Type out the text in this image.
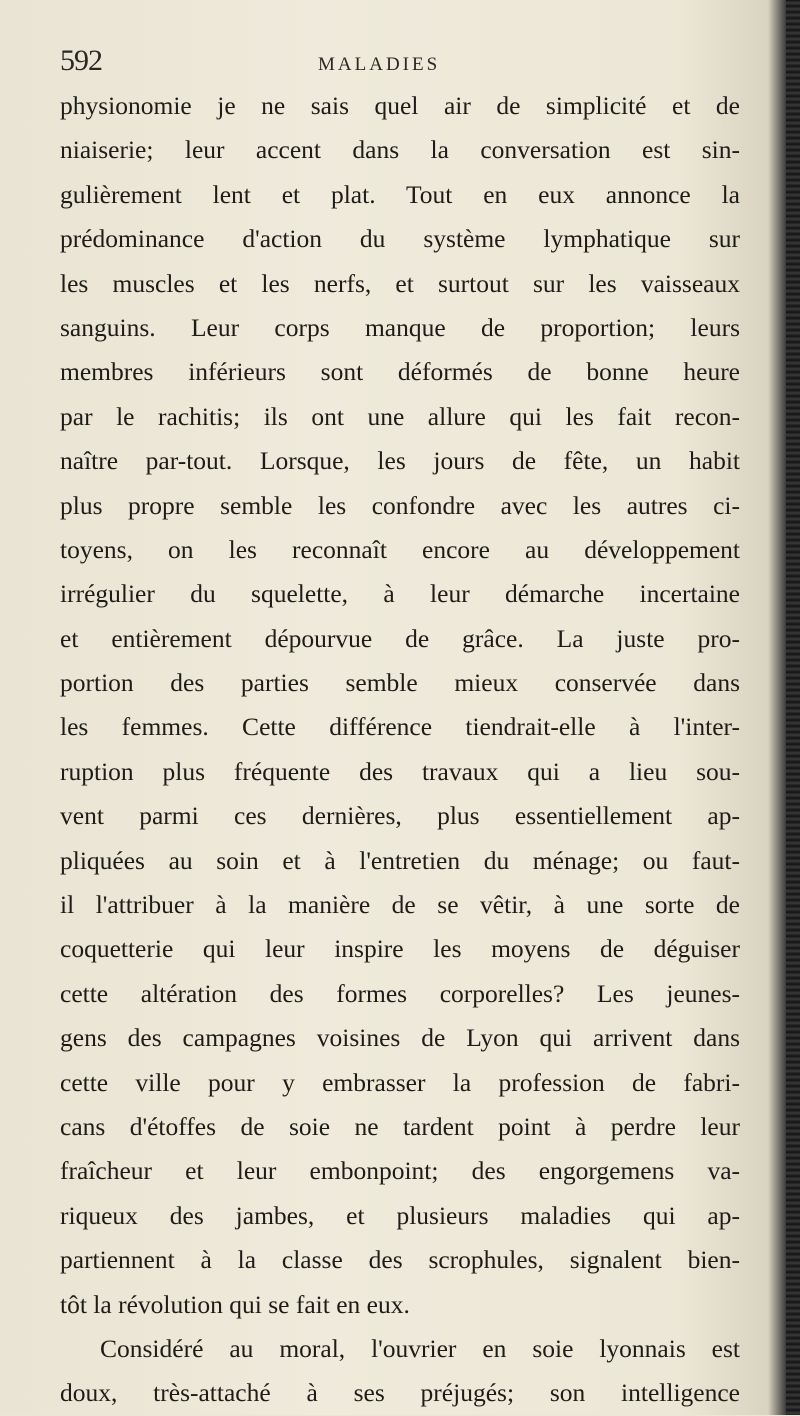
592	MALADIES
physionomie je ne sais quel air de simplicité et de
niaiserie; leur accent dans la conversation est sin-
gulièrement lent et plat. Tout en eux annonce la
prédominance d'action du système lymphatique sur
les muscles et les nerfs, et surtout sur les vaisseaux
sanguins. Leur corps manque de proportion; leurs
membres inférieurs sont déformés de bonne heure
par le rachitis; ils ont une allure qui les fait recon-
naître par-tout. Lorsque, les jours de fête, un habit
plus propre semble les confondre avec les autres ci-
toyens, on les reconnaît encore au développement
irrégulier du squelette, à leur démarche incertaine
et entièrement dépourvue de grâce. La juste pro-
portion des parties semble mieux conservée dans
les femmes. Cette différence tiendrait-elle à l'inter-
ruption plus fréquente des travaux qui a lieu sou-
vent parmi ces dernières, plus essentiellement ap-
pliquées au soin et à l'entretien du ménage; ou faut-
il l'attribuer à la manière de se vêtir, à une sorte de
coquetterie qui leur inspire les moyens de déguiser
cette altération des formes corporelles? Les jeunes-
gens des campagnes voisines de Lyon qui arrivent dans
cette ville pour y embrasser la profession de fabri-
cans d'étoffes de soie ne tardent point à perdre leur
fraîcheur et leur embonpoint; des engorgemens va-
riqueux des jambes, et plusieurs maladies qui ap-
partiennent à la classe des scrophules, signalent bien-
tôt la révolution qui se fait en eux.
Considéré au moral, l'ouvrier en soie lyonnais est
doux, très-attaché à ses préjugés; son intelligence
